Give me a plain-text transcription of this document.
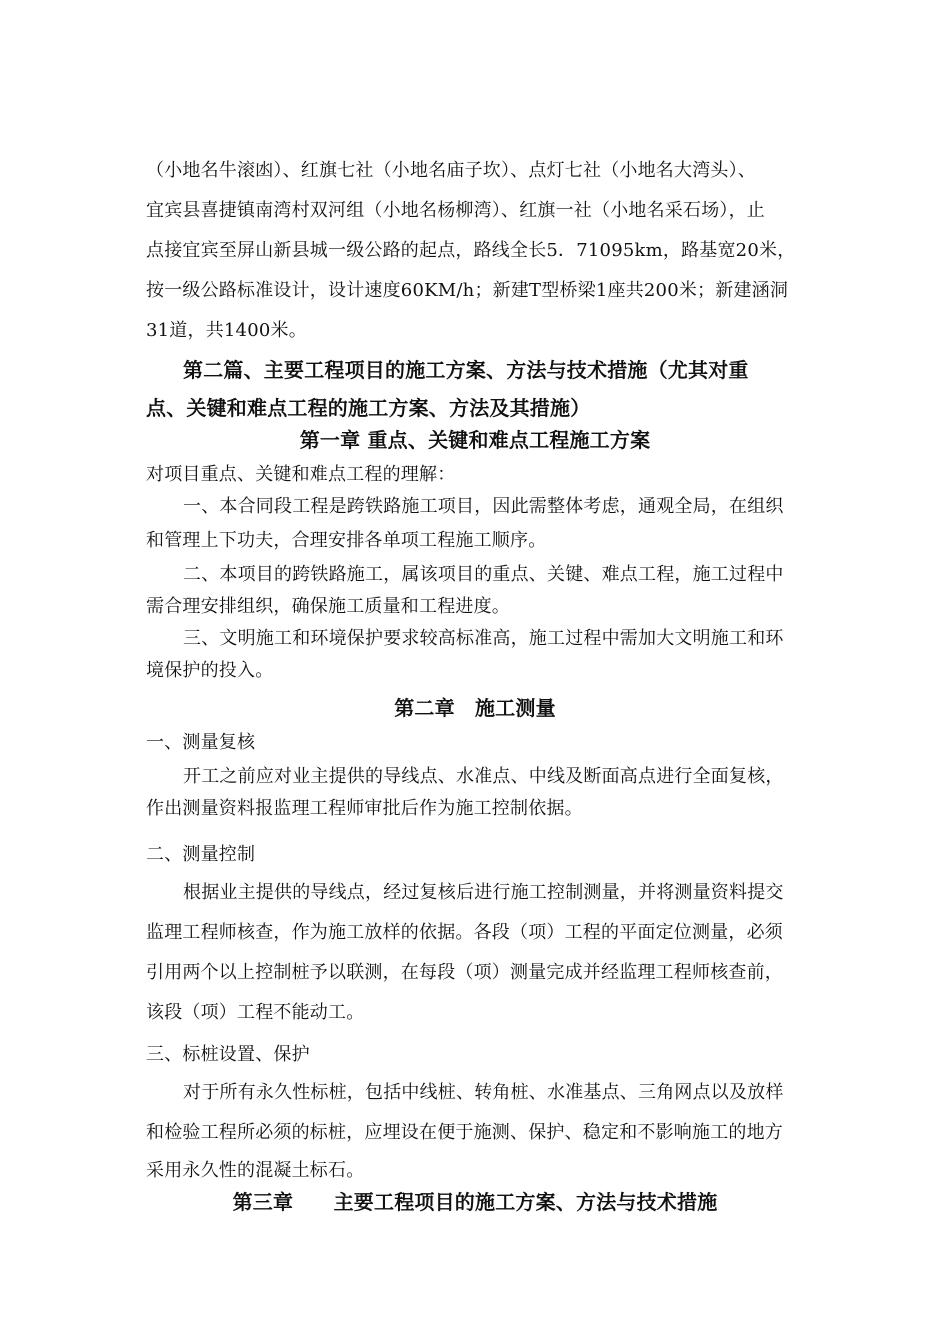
（小地名牛滚凼）、红旗七社（小地名庙子坎）、点灯七社（小地名大湾头）、
宜宾县喜捷镇南湾村双河组（小地名杨柳湾）、红旗一社（小地名采石场），止
点接宜宾至屏山新县城一级公路的起点，路线全长5．71095km，路基宽20米，
按一级公路标准设计，设计速度60KM/h；新建T型桥梁1座共200米；新建涵洞
31道，共1400米。
第二篇、主要工程项目的施工方案、方法与技术措施（尤其对重
点、关键和难点工程的施工方案、方法及其措施）
第一章 重点、关键和难点工程施工方案
对项目重点、关键和难点工程的理解：
一、本合同段工程是跨铁路施工项目，因此需整体考虑，通观全局，在组织
和管理上下功夫，合理安排各单项工程施工顺序。
二、本项目的跨铁路施工，属该项目的重点、关键、难点工程，施工过程中
需合理安排组织，确保施工质量和工程进度。
三、文明施工和环境保护要求较高标准高，施工过程中需加大文明施工和环
境保护的投入。
第二章　施工测量
一、测量复核
开工之前应对业主提供的导线点、水准点、中线及断面高点进行全面复核，
作出测量资料报监理工程师审批后作为施工控制依据。
二、测量控制
根据业主提供的导线点，经过复核后进行施工控制测量，并将测量资料提交
监理工程师核查，作为施工放样的依据。各段（项）工程的平面定位测量，必须
引用两个以上控制桩予以联测，在每段（项）测量完成并经监理工程师核查前，
该段（项）工程不能动工。
三、标桩设置、保护
对于所有永久性标桩，包括中线桩、转角桩、水准基点、三角网点以及放样
和检验工程所必须的标桩，应埋设在便于施测、保护、稳定和不影响施工的地方
采用永久性的混凝土标石。
第三章　　主要工程项目的施工方案、方法与技术措施
